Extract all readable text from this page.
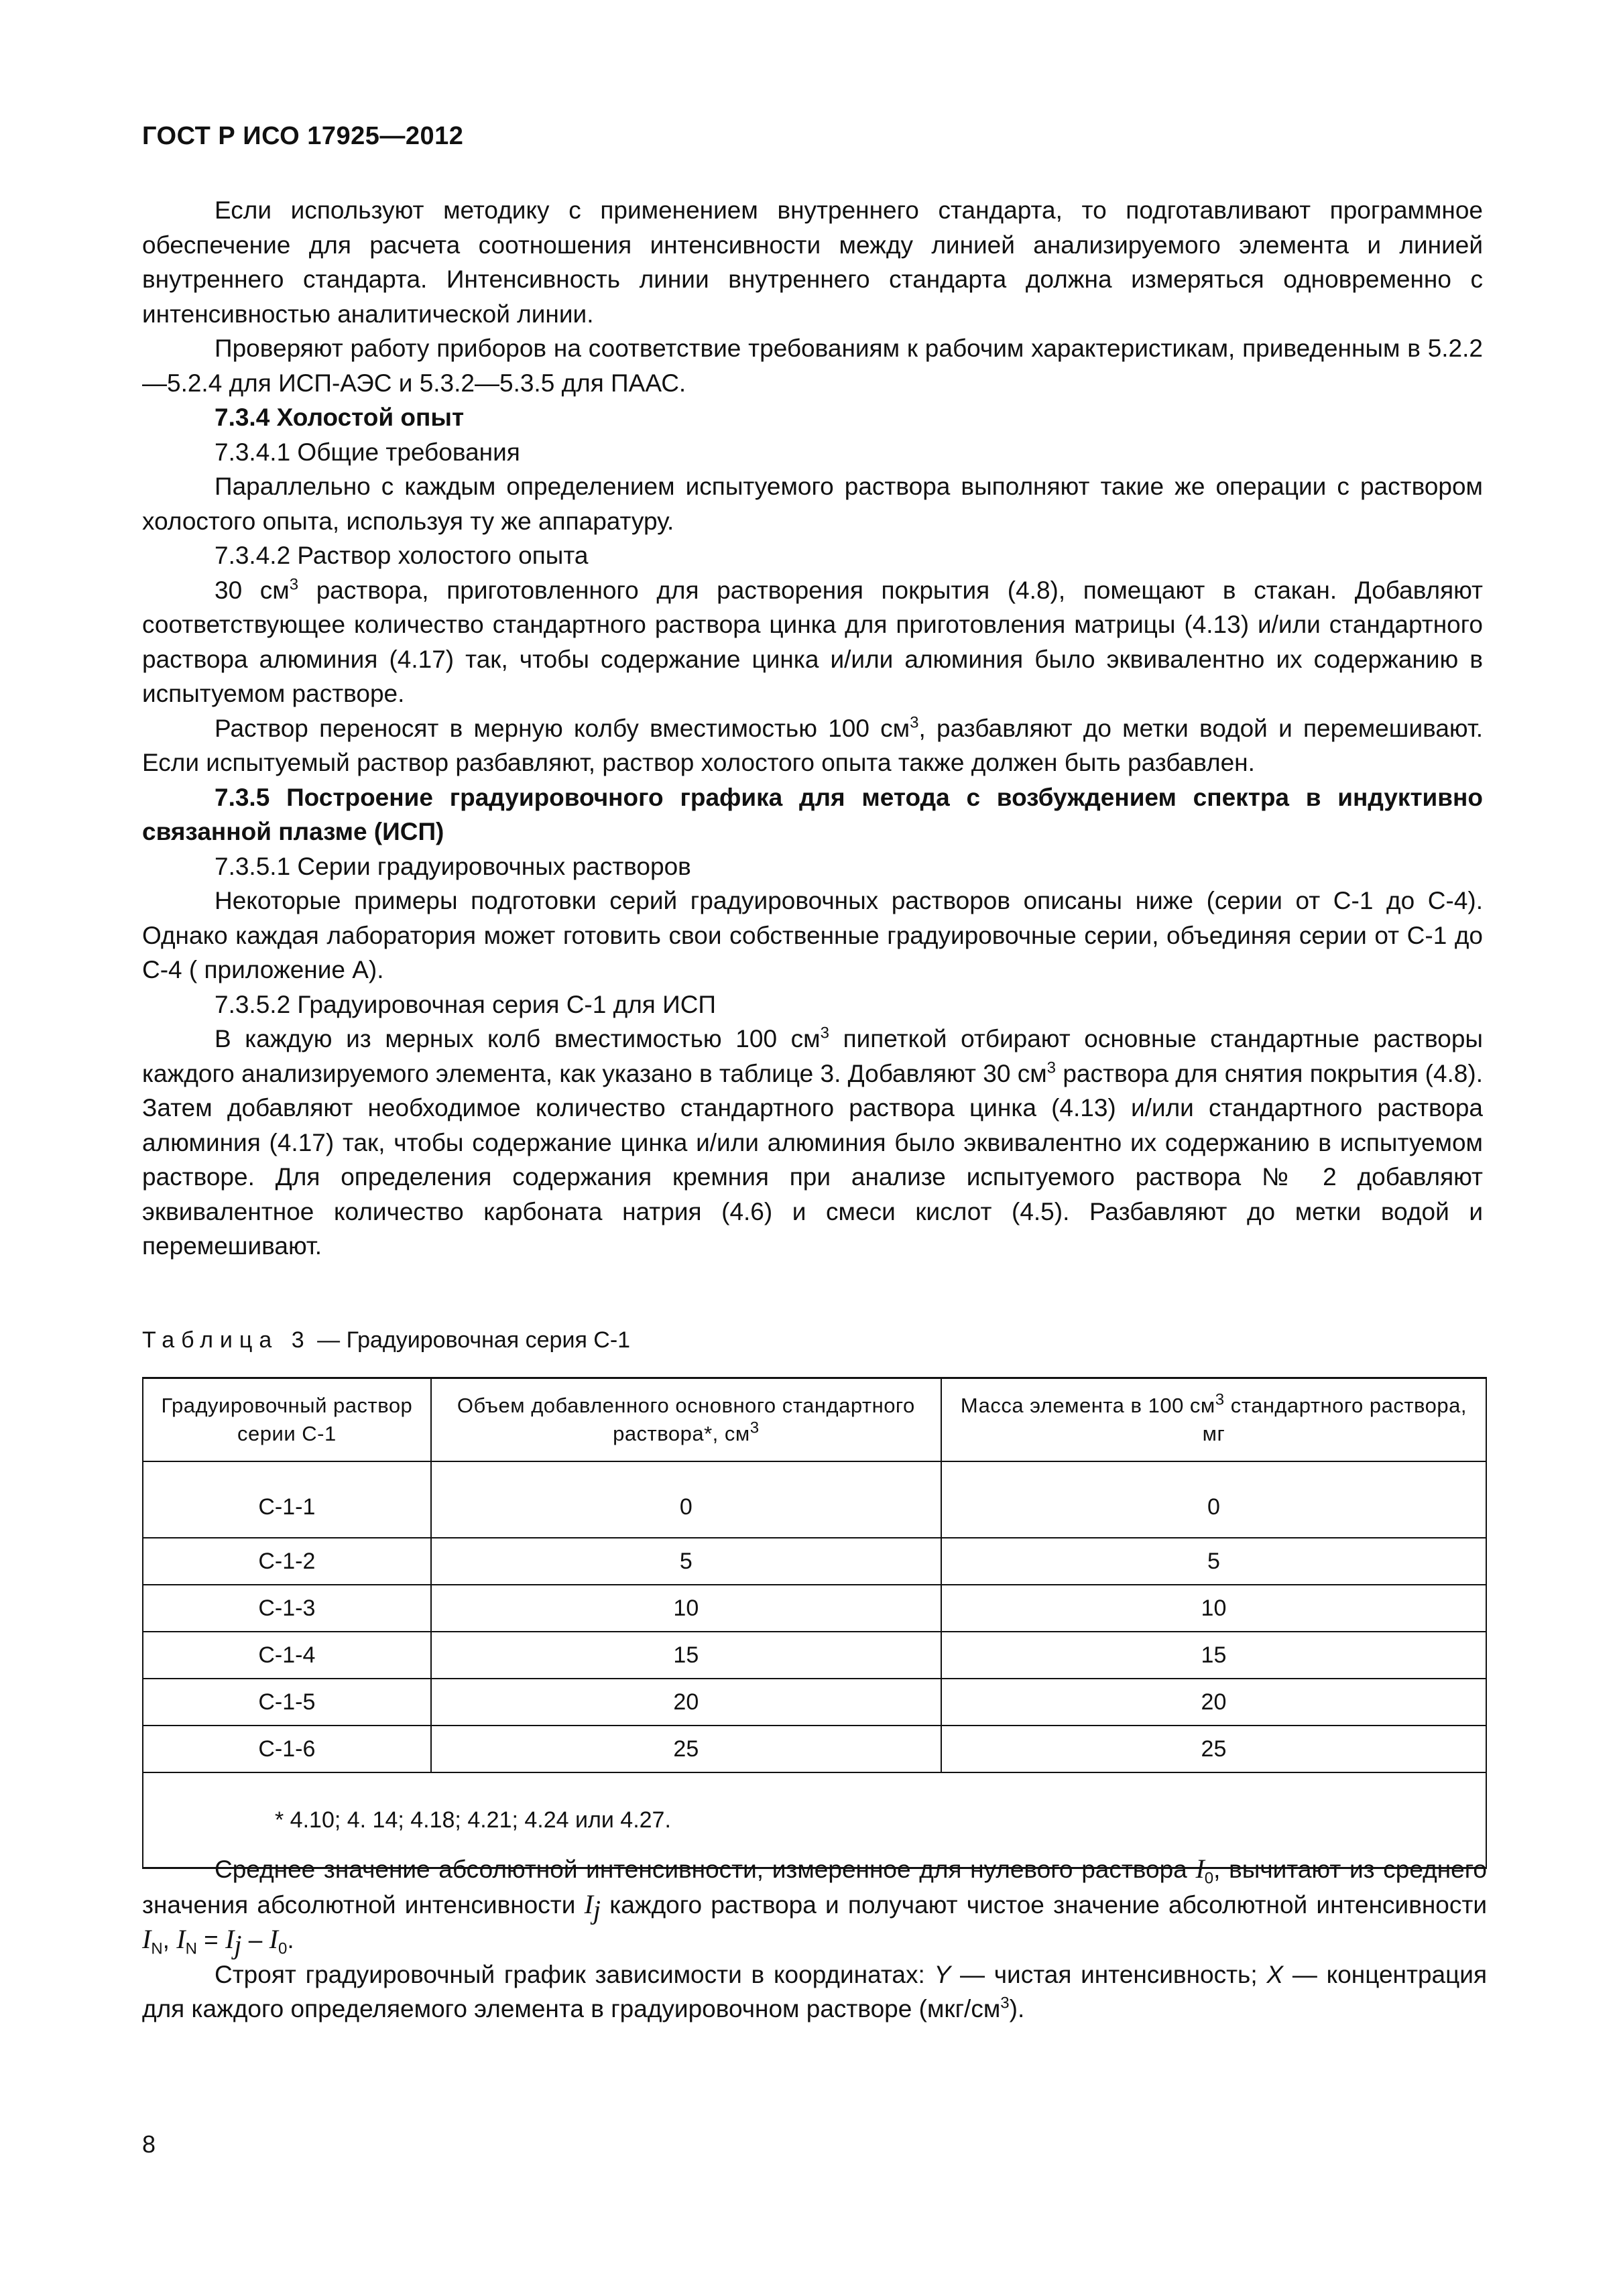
ГОСТ Р ИСО 17925—2012

Если используют методику с применением внутреннего стандарта, то подготавливают программное обеспечение для расчета соотношения интенсивности между линией анализируемого элемента и линией внутреннего стандарта. Интенсивность линии внутреннего стандарта должна измеряться одновременно с интенсивностью аналитической линии.

Проверяют работу приборов на соответствие требованиям к рабочим характеристикам, приведенным в 5.2.2—5.2.4 для ИСП-АЭС и 5.3.2—5.3.5 для ПААС.

7.3.4 Холостой опыт

7.3.4.1 Общие требования

Параллельно с каждым определением испытуемого раствора выполняют такие же операции с раствором холостого опыта, используя ту же аппаратуру.

7.3.4.2 Раствор холостого опыта

30 $см^3$ раствора, приготовленного для растворения покрытия (4.8), помещают в стакан. Добавляют соответствующее количество стандартного раствора цинка для приготовления матрицы (4.13) и/или стандартного раствора алюминия (4.17) так, чтобы содержание цинка и/или алюминия было эквивалентно их содержанию в испытуемом растворе.

Раствор переносят в мерную колбу вместимостью 100 $см^3$, разбавляют до метки водой и перемешивают. Если испытуемый раствор разбавляют, раствор холостого опыта также должен быть разбавлен.

7.3.5 Построение градуировочного графика для метода с возбуждением спектра в индуктивно связанной плазме (ИСП)

7.3.5.1 Серии градуировочных растворов

Некоторые примеры подготовки серий градуировочных растворов описаны ниже (серии от С-1 до С-4). Однако каждая лаборатория может готовить свои собственные градуировочные серии, объединяя серии от С-1 до С-4 ( приложение А).

7.3.5.2 Градуировочная серия С-1 для ИСП

В каждую из мерных колб вместимостью 100 $см^3$ пипеткой отбирают основные стандартные растворы каждого анализируемого элемента, как указано в таблице 3. Добавляют 30 $см^3$ раствора для снятия покрытия (4.8). Затем добавляют необходимое количество стандартного раствора цинка (4.13) и/или стандартного раствора алюминия (4.17) так, чтобы содержание цинка и/или алюминия было эквивалентно их содержанию в испытуемом растворе. Для определения содержания кремния при анализе испытуемого раствора № 2 добавляют эквивалентное количество карбоната натрия (4.6) и смеси кислот (4.5). Разбавляют до метки водой и перемешивают.

Таблица 3 — Градуировочная серия С-1
Градуировочный раствор серии С-1	Объем добавленного основного стандартного раствора*, $см^3$	Масса элемента в 100 $см^3$ стандартного раствора, мг
С-1-1	0	0
С-1-2	5	5
С-1-3	10	10
С-1-4	15	15
С-1-5	20	20
С-1-6	25	25
* 4.10; 4. 14; 4.18; 4.21; 4.24 или 4.27.		

Среднее значение абсолютной интенсивности, измеренное для нулевого раствора $I_0$, вычитают из среднего значения абсолютной интенсивности $I_j$ каждого раствора и получают чистое значение абсолютной интенсивности $I_N$, $I_N = I_j - I_0$.

Строят градуировочный график зависимости в координатах: Y — чистая интенсивность; X — концентрация для каждого определяемого элемента в градуировочном растворе $(мкг/см^3)$.

8
